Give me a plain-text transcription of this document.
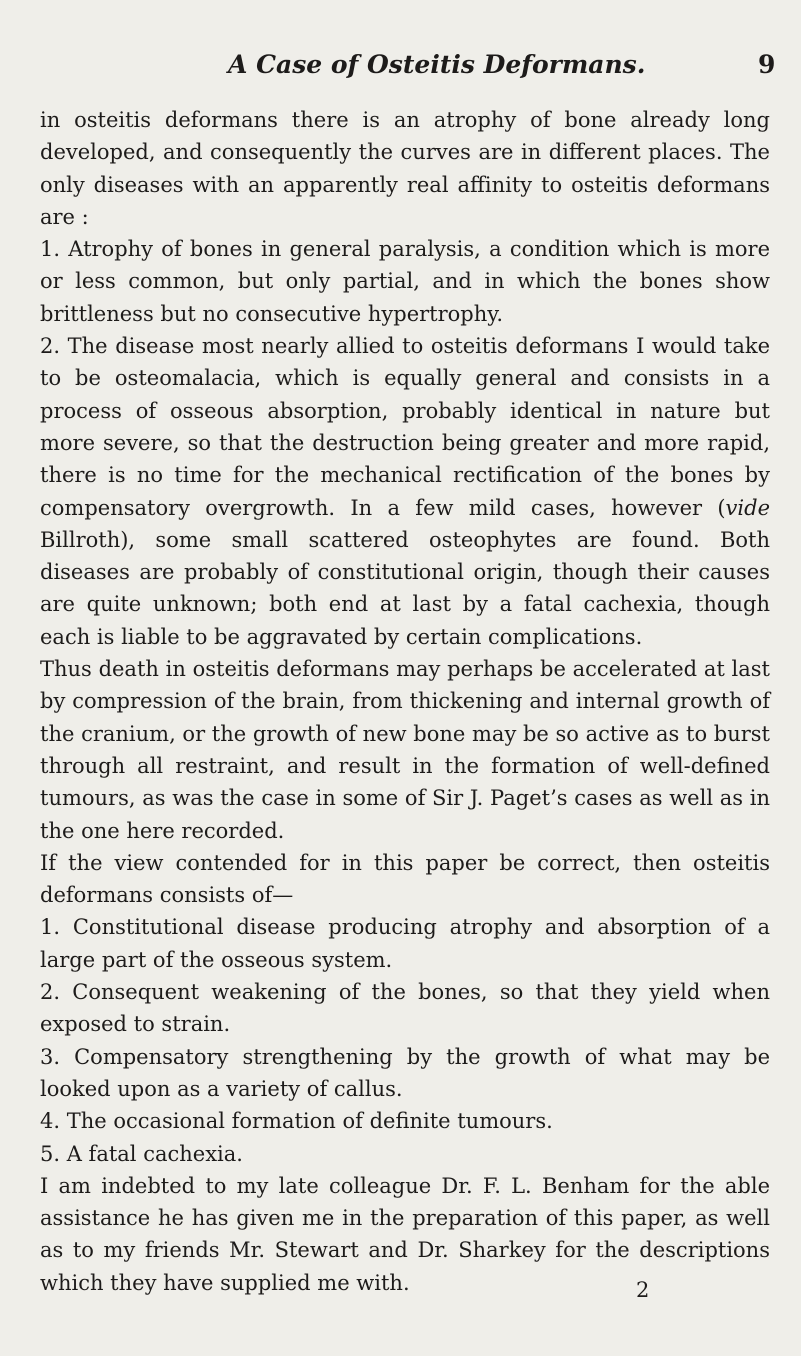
A Case of Osteitis Deformans.	9

in osteitis deformans there is an atrophy of bone already long developed, and consequently the curves are in different places. The only diseases with an apparently real affinity to osteitis deformans are :

1. Atrophy of bones in general paralysis, a condition which is more or less common, but only partial, and in which the bones show brittleness but no consecutive hypertrophy.

2. The disease most nearly allied to osteitis deformans I would take to be osteomalacia, which is equally general and consists in a process of osseous absorption, probably identical in nature but more severe, so that the destruction being greater and more rapid, there is no time for the mechanical rectification of the bones by compensatory overgrowth. In a few mild cases, however (vide Billroth), some small scattered osteophytes are found. Both diseases are probably of constitutional origin, though their causes are quite unknown; both end at last by a fatal cachexia, though each is liable to be aggravated by certain complications.

Thus death in osteitis deformans may perhaps be accelerated at last by compression of the brain, from thickening and internal growth of the cranium, or the growth of new bone may be so active as to burst through all restraint, and result in the formation of well-defined tumours, as was the case in some of Sir J. Paget’s cases as well as in the one here recorded.

If the view contended for in this paper be correct, then osteitis deformans consists of—

1. Constitutional disease producing atrophy and absorption of a large part of the osseous system.

2. Consequent weakening of the bones, so that they yield when exposed to strain.

3. Compensatory strengthening by the growth of what may be looked upon as a variety of callus.

4. The occasional formation of definite tumours.

5. A fatal cachexia.

I am indebted to my late colleague Dr. F. L. Benham for the able assistance he has given me in the preparation of this paper, as well as to my friends Mr. Stewart and Dr. Sharkey for the descriptions which they have supplied me with.	2
